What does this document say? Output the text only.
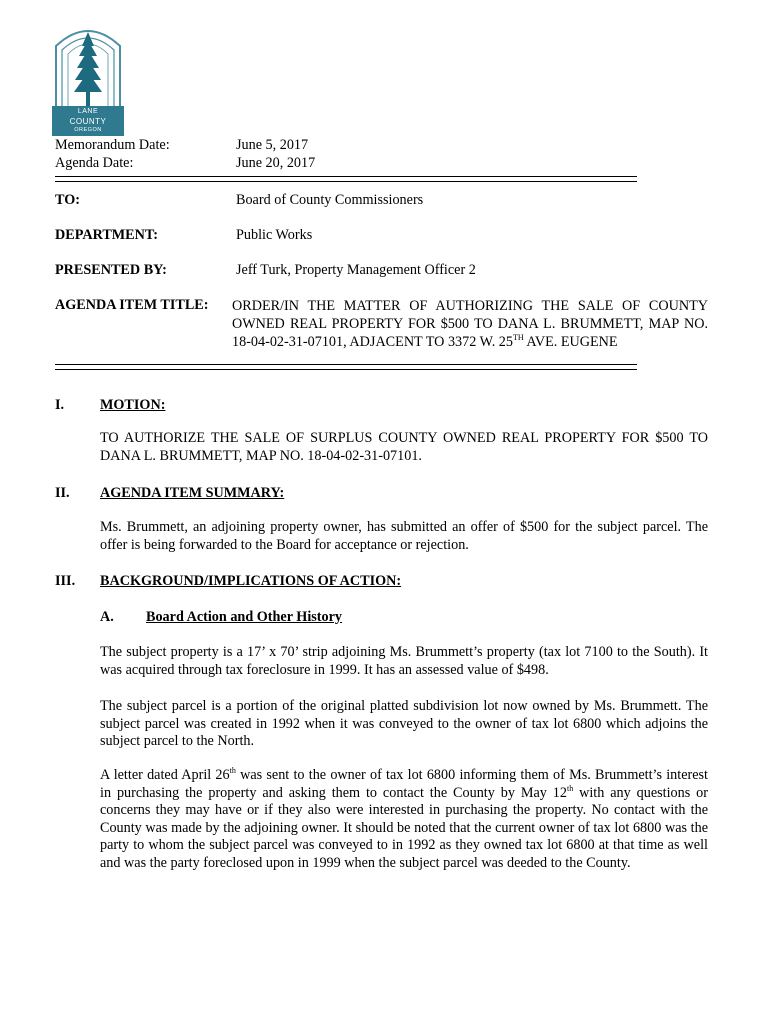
LANE
COUNTY
OREGON
Memorandum Date:	June 5, 2017
Agenda Date:	June 20, 2017
TO:	Board of County Commissioners
DEPARTMENT:	Public Works
PRESENTED BY:	Jeff Turk, Property Management Officer 2
AGENDA ITEM TITLE: ORDER/IN THE MATTER OF AUTHORIZING THE SALE OF COUNTY OWNED REAL PROPERTY FOR $500 TO DANA L. BRUMMETT, MAP NO. 18-04-02-31-07101, ADJACENT TO 3372 W. 25TH AVE. EUGENE
I.	MOTION:
TO AUTHORIZE THE SALE OF SURPLUS COUNTY OWNED REAL PROPERTY FOR $500 TO DANA L. BRUMMETT, MAP NO. 18-04-02-31-07101.
II. AGENDA ITEM SUMMARY:
Ms. Brummett, an adjoining property owner, has submitted an offer of $500 for the subject parcel. The offer is being forwarded to the Board for acceptance or rejection.
III. BACKGROUND/IMPLICATIONS OF ACTION:
A. Board Action and Other History
The subject property is a 17’ x 70’ strip adjoining Ms. Brummett’s property (tax lot 7100 to the South). It was acquired through tax foreclosure in 1999. It has an assessed value of $498.
The subject parcel is a portion of the original platted subdivision lot now owned by Ms. Brummett. The subject parcel was created in 1992 when it was conveyed to the owner of tax lot 6800 which adjoins the subject parcel to the North.
A letter dated April 26th was sent to the owner of tax lot 6800 informing them of Ms. Brummett’s interest in purchasing the property and asking them to contact the County by May 12th with any questions or concerns they may have or if they also were interested in purchasing the property. No contact with the County was made by the adjoining owner. It should be noted that the current owner of tax lot 6800 was the party to whom the subject parcel was conveyed to in 1992 as they owned tax lot 6800 at that time as well and was the party foreclosed upon in 1999 when the subject parcel was deeded to the County.
